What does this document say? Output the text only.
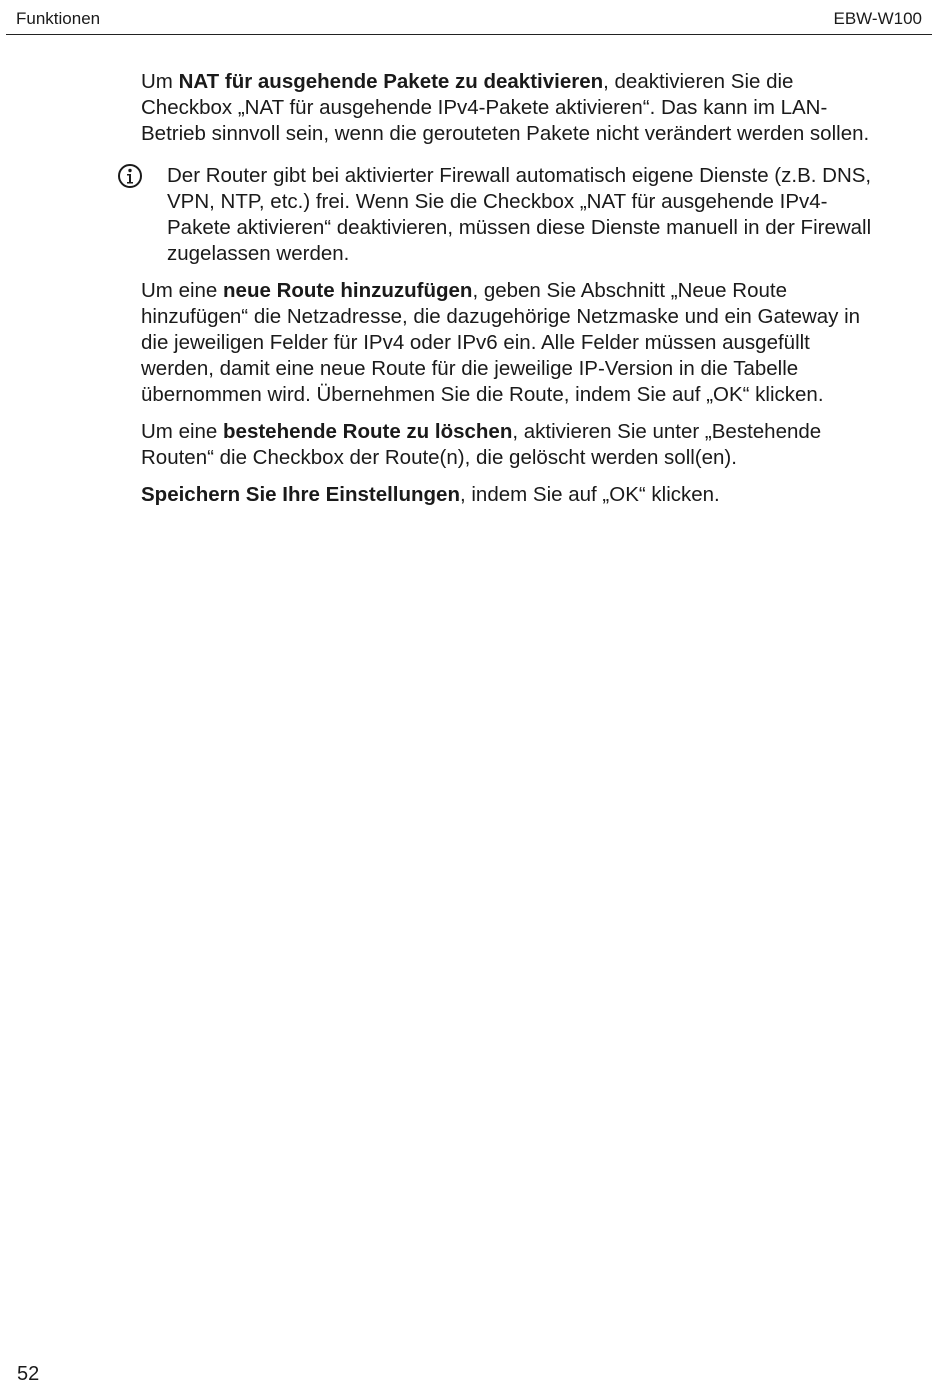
Funktionen	EBW-W100

Um NAT für ausgehende Pakete zu deaktivieren, deaktivieren Sie die Checkbox „NAT für ausgehende IPv4-Pakete aktivieren“. Das kann im LAN-Betrieb sinnvoll sein, wenn die gerouteten Pakete nicht verändert werden sollen.

Der Router gibt bei aktivierter Firewall automatisch eigene Dienste (z.B. DNS, VPN, NTP, etc.) frei. Wenn Sie die Checkbox „NAT für ausgehende IPv4-Pakete aktivieren“ deaktivieren, müssen diese Dienste manuell in der Firewall zugelassen werden.

Um eine neue Route hinzuzufügen, geben Sie Abschnitt „Neue Route hinzufügen“ die Netzadresse, die dazugehörige Netzmaske und ein Gateway in die jeweiligen Felder für IPv4 oder IPv6 ein. Alle Felder müssen ausgefüllt werden, damit eine neue Route für die jeweilige IP-Version in die Tabelle übernommen wird. Übernehmen Sie die Route, indem Sie auf „OK“ klicken.

Um eine bestehende Route zu löschen, aktivieren Sie unter „Bestehende Routen“ die Checkbox der Route(n), die gelöscht werden soll(en).

Speichern Sie Ihre Einstellungen, indem Sie auf „OK“ klicken.

52
